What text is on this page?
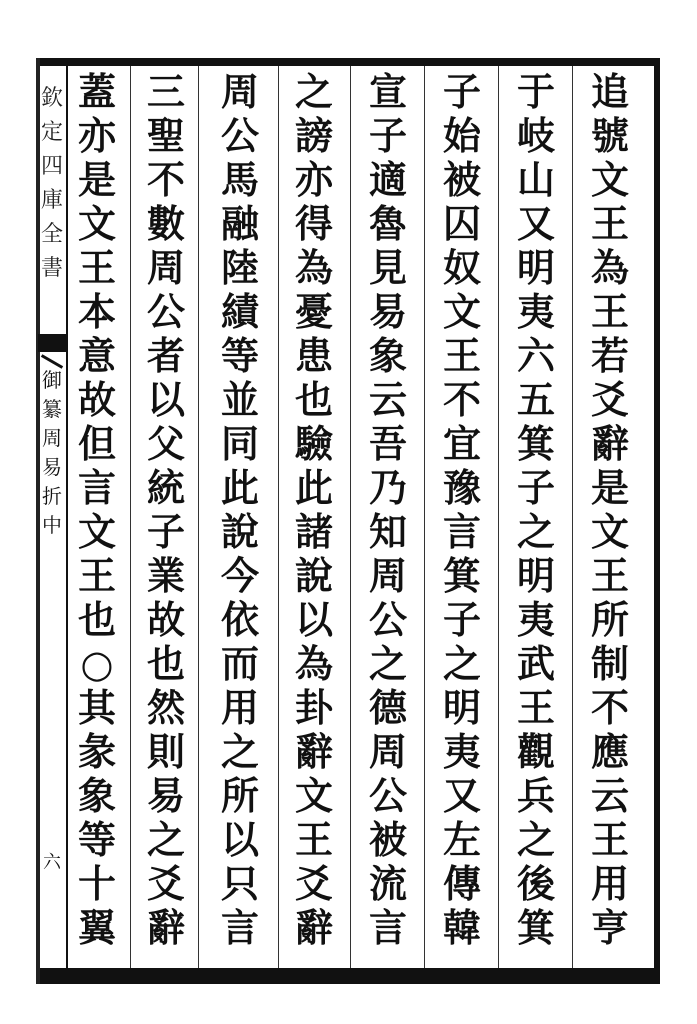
欽
定
四
庫
全
書
御
纂
周
易
折
中
六
追
號
文
王
為
王
若
爻
辭
是
文
王
所
制
不
應
云
王
用
亨
于
岐
山
又
明
夷
六
五
箕
子
之
明
夷
武
王
觀
兵
之
後
箕
子
始
被
囚
奴
文
王
不
宜
豫
言
箕
子
之
明
夷
又
左
傳
韓
宣
子
適
魯
見
易
象
云
吾
乃
知
周
公
之
德
周
公
被
流
言
之
謗
亦
得
為
憂
患
也
驗
此
諸
說
以
為
卦
辭
文
王
爻
辭
周
公
馬
融
陸
績
等
並
同
此
說
今
依
而
用
之
所
以
只
言
三
聖
不
數
周
公
者
以
父
統
子
業
故
也
然
則
易
之
爻
辭
蓋
亦
是
文
王
本
意
故
但
言
文
王
也
○
其
彖
象
等
十
翼
